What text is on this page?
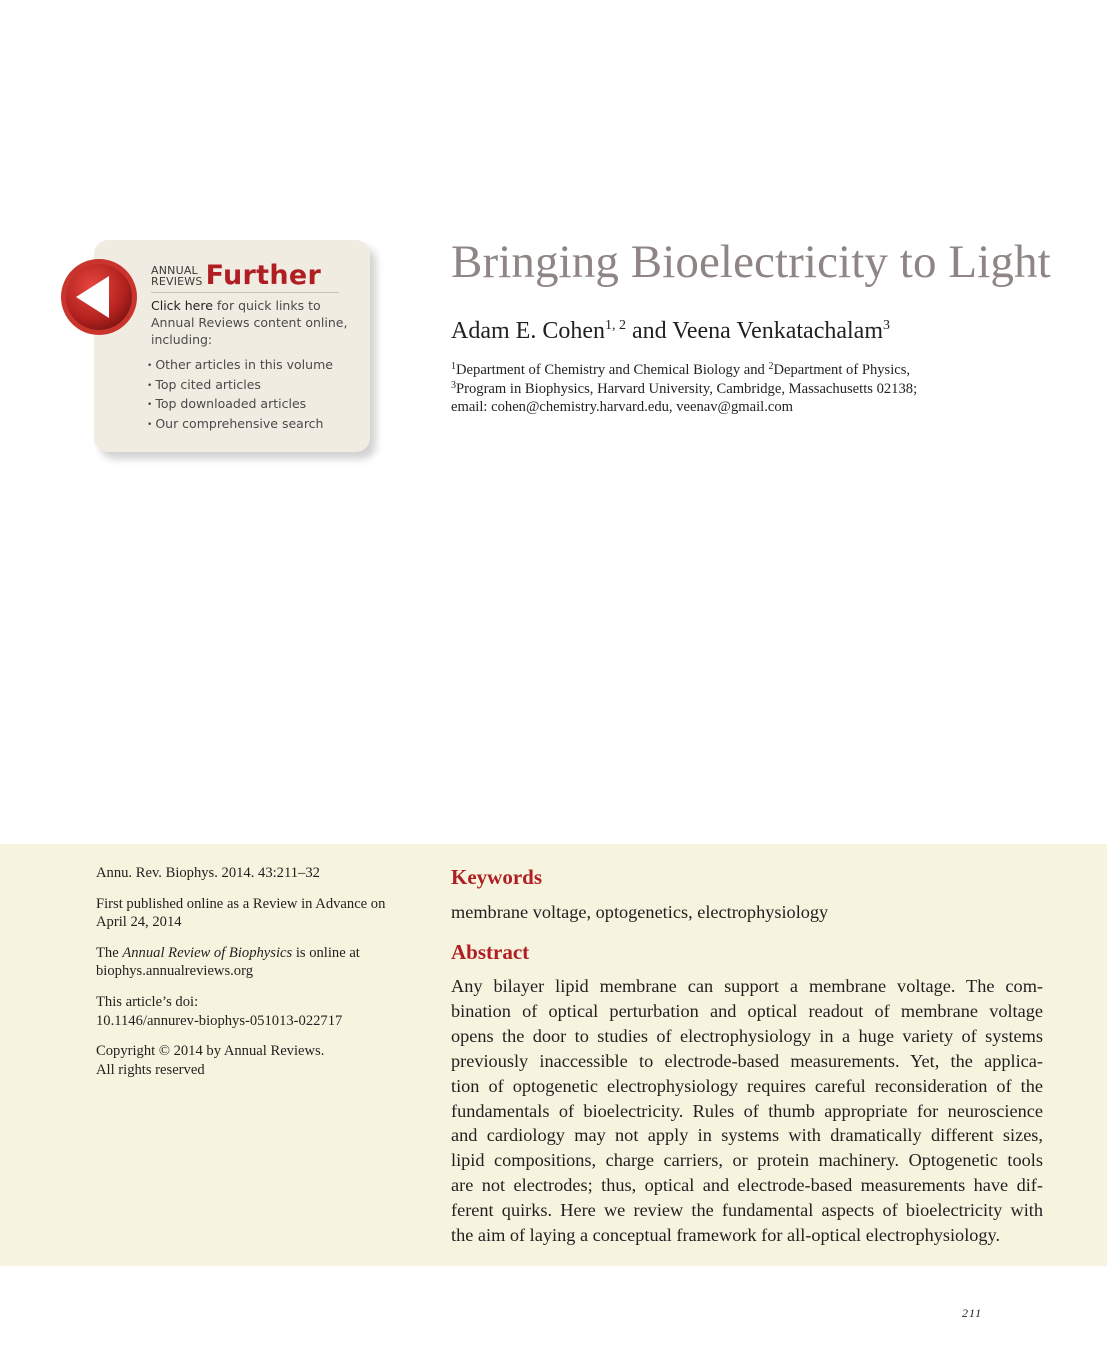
ANNUAL
REVIEWS Further
Click here for quick links to Annual Reviews content online, including:
• Other articles in this volume
• Top cited articles
• Top downloaded articles
• Our comprehensive search
Bringing Bioelectricity to Light
Adam E. Cohen$^{1, 2}$ and Veena Venkatachalam$^3$
$^1$Department of Chemistry and Chemical Biology and $^2$Department of Physics,
$^3$Program in Biophysics, Harvard University, Cambridge, Massachusetts 02138;
email: cohen@chemistry.harvard.edu, veenav@gmail.com

Annu. Rev. Biophys. 2014. 43:211–32

First published online as a Review in Advance on April 24, 2014

The Annual Review of Biophysics is online at biophys.annualreviews.org

This article’s doi:
10.1146/annurev-biophys-051013-022717

Copyright © 2014 by Annual Reviews.
All rights reserved

Keywords
membrane voltage, optogenetics, electrophysiology
Abstract

Any bilayer lipid membrane can support a membrane voltage. The com-
bination of optical perturbation and optical readout of membrane voltage
opens the door to studies of electrophysiology in a huge variety of systems
previously inaccessible to electrode-based measurements. Yet, the applica-
tion of optogenetic electrophysiology requires careful reconsideration of the
fundamentals of bioelectricity. Rules of thumb appropriate for neuroscience
and cardiology may not apply in systems with dramatically different sizes,
lipid compositions, charge carriers, or protein machinery. Optogenetic tools
are not electrodes; thus, optical and electrode-based measurements have dif-
ferent quirks. Here we review the fundamental aspects of bioelectricity with
the aim of laying a conceptual framework for all-optical electrophysiology.

211
